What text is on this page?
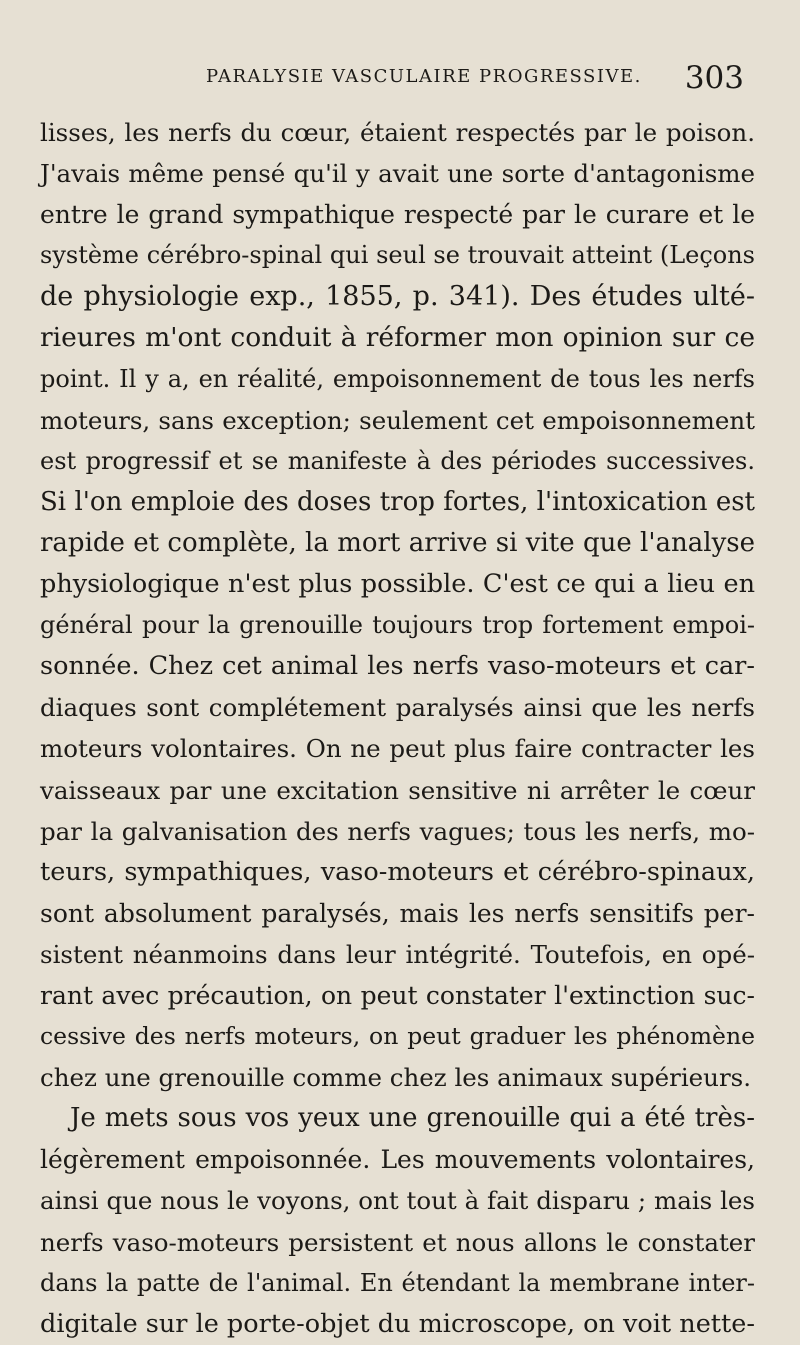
PARALYSIE VASCULAIRE PROGRESSIVE. 303
lisses, les nerfs du cœur, étaient respectés par le poison.
J'avais même pensé qu'il y avait une sorte d'antagonisme
entre le grand sympathique respecté par le curare et le
système cérébro-spinal qui seul se trouvait atteint (Leçons
de physiologie exp., 1855, p. 341). Des études ulté-
rieures m'ont conduit à réformer mon opinion sur ce
point. Il y a, en réalité, empoisonnement de tous les nerfs
moteurs, sans exception; seulement cet empoisonnement
est progressif et se manifeste à des périodes successives.
Si l'on emploie des doses trop fortes, l'intoxication est
rapide et complète, la mort arrive si vite que l'analyse
physiologique n'est plus possible. C'est ce qui a lieu en
général pour la grenouille toujours trop fortement empoi-
sonnée. Chez cet animal les nerfs vaso-moteurs et car-
diaques sont complétement paralysés ainsi que les nerfs
moteurs volontaires. On ne peut plus faire contracter les
vaisseaux par une excitation sensitive ni arrêter le cœur
par la galvanisation des nerfs vagues; tous les nerfs, mo-
teurs, sympathiques, vaso-moteurs et cérébro-spinaux,
sont absolument paralysés, mais les nerfs sensitifs per-
sistent néanmoins dans leur intégrité. Toutefois, en opé-
rant avec précaution, on peut constater l'extinction suc-
cessive des nerfs moteurs, on peut graduer les phénomène
chez une grenouille comme chez les animaux supérieurs.
Je mets sous vos yeux une grenouille qui a été très-
légèrement empoisonnée. Les mouvements volontaires,
ainsi que nous le voyons, ont tout à fait disparu ; mais les
nerfs vaso-moteurs persistent et nous allons le constater
dans la patte de l'animal. En étendant la membrane inter-
digitale sur le porte-objet du microscope, on voit nette-
